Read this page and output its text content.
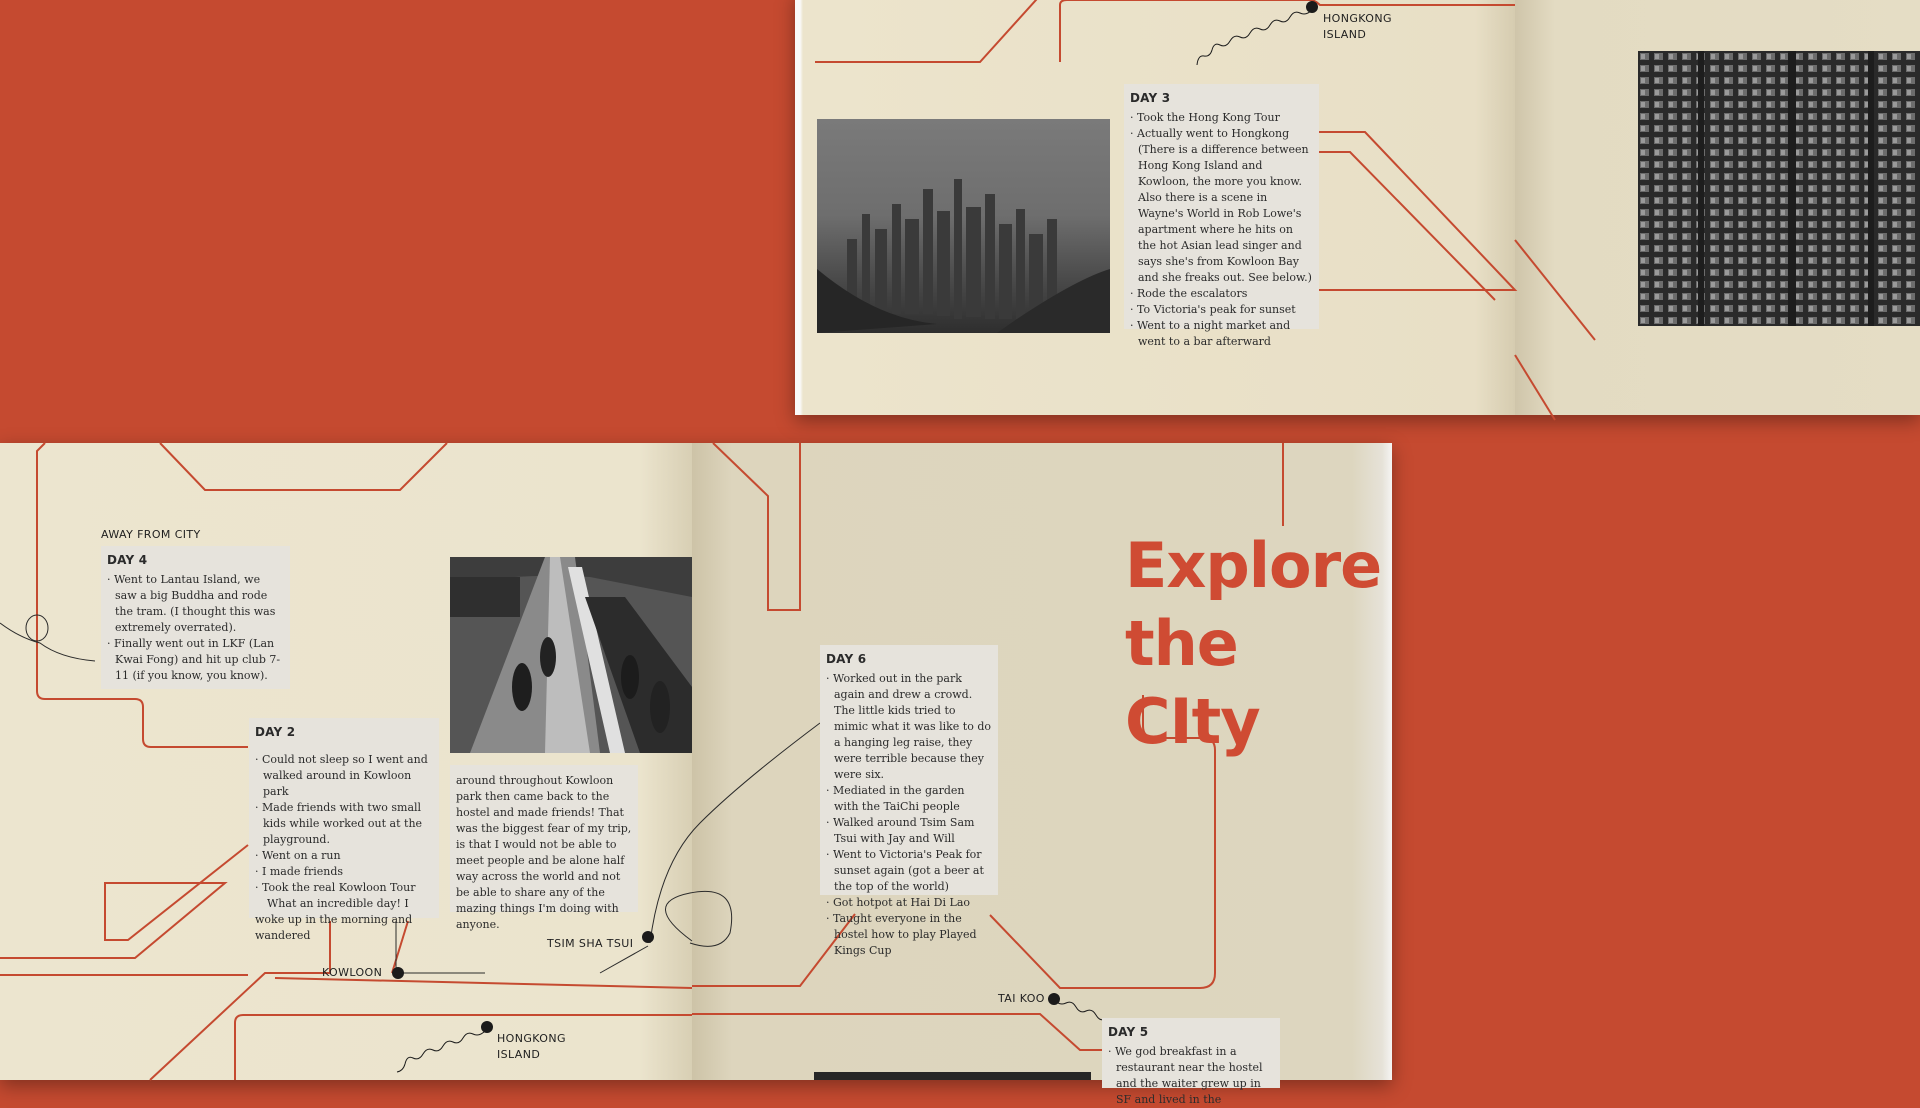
HONGKONG
ISLAND
DAY 3
· Took the Hong Kong Tour
· Actually went to Hongkong (There is a difference between Hong Kong Island and Kowloon, the more you know. Also there is a scene in Wayne's World in Rob Lowe's apartment where he hits on the hot Asian lead singer and says she's from Kowloon Bay and she freaks out. See below.)
· Rode the escalators
· To Victoria's peak for sunset
· Went to a night market and went to a bar afterward
AWAY FROM CITY
DAY 4
· Went to Lantau Island, we saw a big Buddha and rode the tram. (I thought this was extremely overrated).
· Finally went out in LKF (Lan Kwai Fong) and hit up club 7-11 (if you know, you know).
DAY 2
· Could not sleep so I went and walked around in Kowloon park
· Made friends with two small kids while worked out at the playground.
· Went on a run
· I made friends
· Took the real Kowloon Tour

What an incredible day! I woke up in the morning and wandered

around throughout Kowloon park then came back to the hostel and made friends! That was the biggest fear of my trip, is that I would not be able to meet people and be alone half way across the world and not be able to share any of the mazing things I'm doing with anyone.

TSIM SHA TSUI
KOWLOON
HONGKONG
ISLAND
DAY 6
· Worked out in the park again and drew a crowd. The little kids tried to mimic what it was like to do a hanging leg raise, they were terrible because they were six.
· Mediated in the garden with the TaiChi people
· Walked around Tsim Sam Tsui with Jay and Will
· Went to Victoria's Peak for sunset again (got a beer at the top of the world)
· Got hotpot at Hai Di Lao
· Taught everyone in the hostel how to play Played Kings Cup
Explore
the CIty
TAI KOO
DAY 5
· We god breakfast in a restaurant near the hostel and the waiter grew up in SF and lived in the
